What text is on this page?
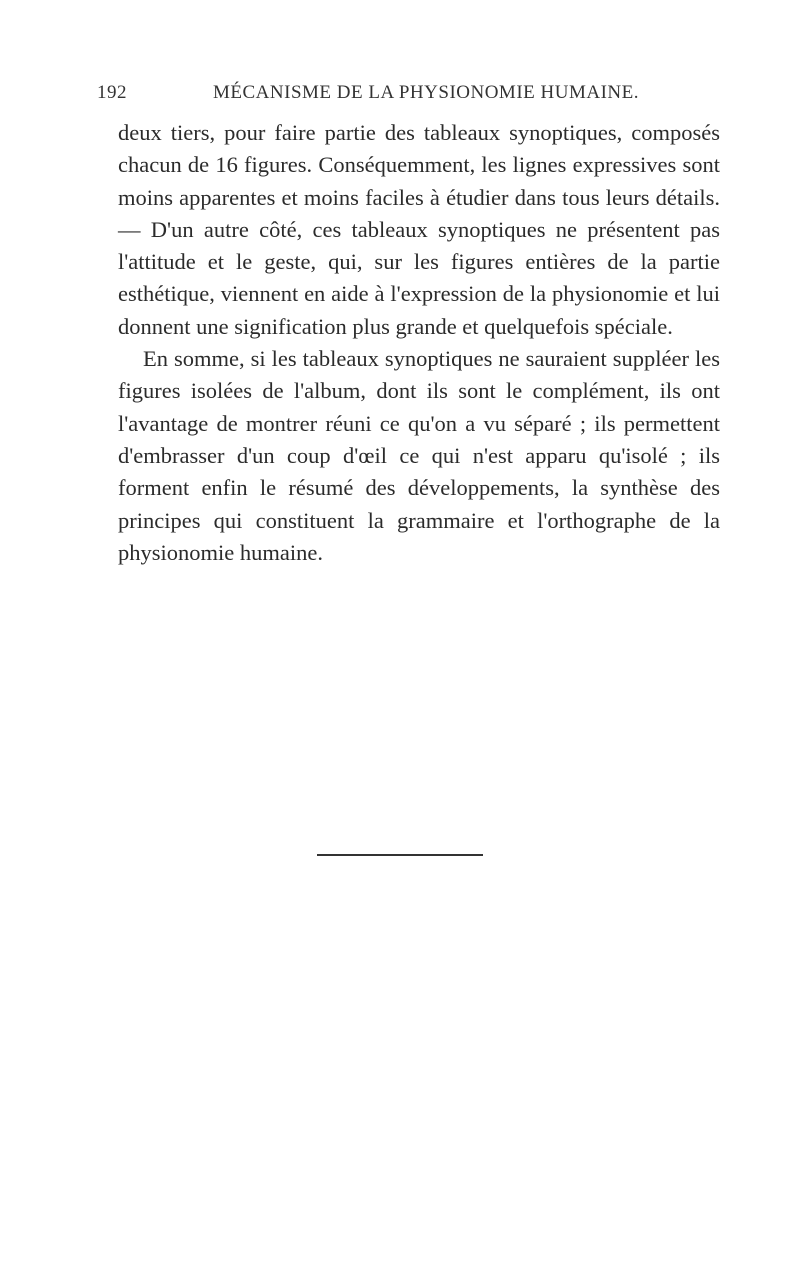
192	MÉCANISME DE LA PHYSIONOMIE HUMAINE.

deux tiers, pour faire partie des tableaux synoptiques, composés chacun de 16 figures. Conséquemment, les lignes expressives sont moins apparentes et moins faciles à étudier dans tous leurs détails. — D'un autre côté, ces tableaux synoptiques ne présentent pas l'attitude et le geste, qui, sur les figures entières de la partie esthétique, viennent en aide à l'expression de la physionomie et lui donnent une signification plus grande et quelquefois spéciale.

En somme, si les tableaux synoptiques ne sauraient suppléer les figures isolées de l'album, dont ils sont le complément, ils ont l'avantage de montrer réuni ce qu'on a vu séparé ; ils permettent d'embrasser d'un coup d'œil ce qui n'est apparu qu'isolé ; ils forment enfin le résumé des développements, la synthèse des principes qui constituent la grammaire et l'orthographe de la physionomie humaine.
